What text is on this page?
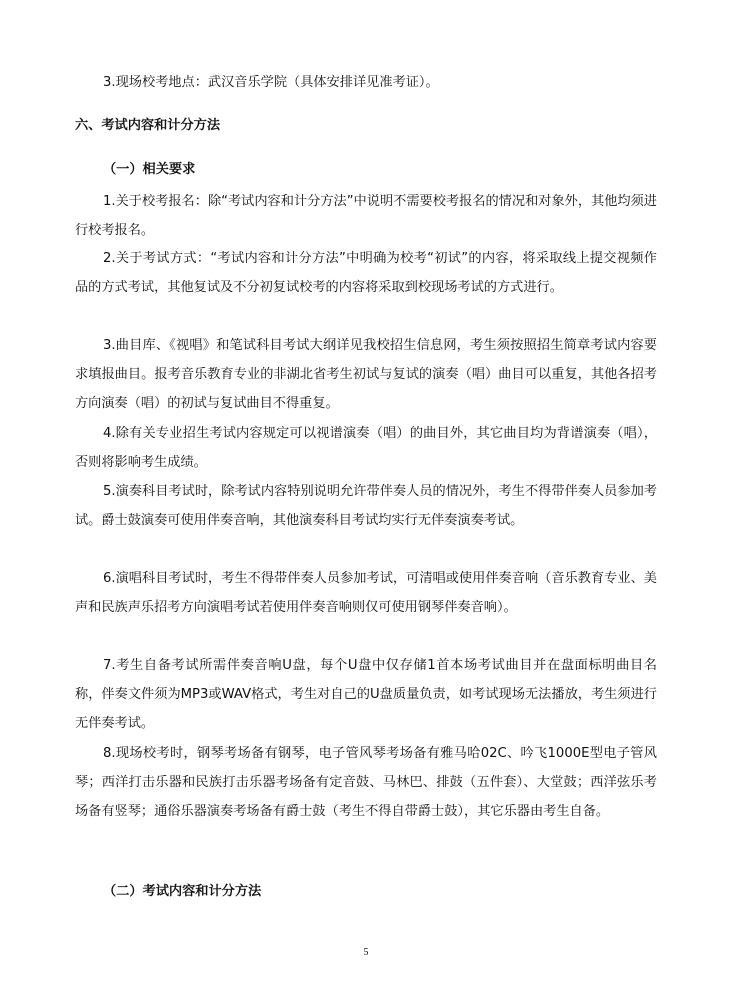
3.现场校考地点：武汉音乐学院（具体安排详见准考证）。
六、考试内容和计分方法
（一）相关要求
1.关于校考报名：除“考试内容和计分方法”中说明不需要校考报名的情况和对象外，其他均须进行校考报名。
2.关于考试方式：“考试内容和计分方法”中明确为校考“初试”的内容，将采取线上提交视频作品的方式考试，其他复试及不分初复试校考的内容将采取到校现场考试的方式进行。
3.曲目库、《视唱》和笔试科目考试大纲详见我校招生信息网，考生须按照招生简章考试内容要求填报曲目。报考音乐教育专业的非湖北省考生初试与复试的演奏（唱）曲目可以重复，其他各招考方向演奏（唱）的初试与复试曲目不得重复。
4.除有关专业招生考试内容规定可以视谱演奏（唱）的曲目外，其它曲目均为背谱演奏（唱），否则将影响考生成绩。
5.演奏科目考试时，除考试内容特别说明允许带伴奏人员的情况外，考生不得带伴奏人员参加考试。爵士鼓演奏可使用伴奏音响，其他演奏科目考试均实行无伴奏演奏考试。
6.演唱科目考试时，考生不得带伴奏人员参加考试，可清唱或使用伴奏音响（音乐教育专业、美声和民族声乐招考方向演唱考试若使用伴奏音响则仅可使用钢琴伴奏音响）。
7.考生自备考试所需伴奏音响U盘，每个U盘中仅存储1首本场考试曲目并在盘面标明曲目名称，伴奏文件须为MP3或WAV格式，考生对自己的U盘质量负责，如考试现场无法播放，考生须进行无伴奏考试。
8.现场校考时，钢琴考场备有钢琴，电子管风琴考场备有雅马哈02C、吟飞1000E型电子管风琴；西洋打击乐器和民族打击乐器考场备有定音鼓、马林巴、排鼓（五件套）、大堂鼓；西洋弦乐考场备有竖琴；通俗乐器演奏考场备有爵士鼓（考生不得自带爵士鼓），其它乐器由考生自备。
（二）考试内容和计分方法
5
